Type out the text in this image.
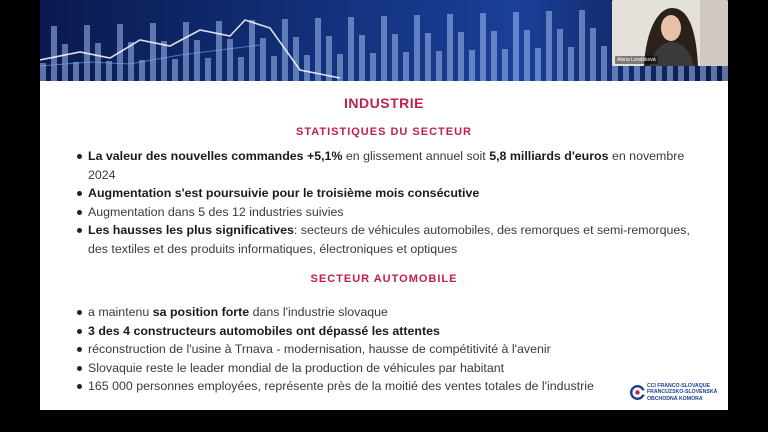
INDUSTRIE
STATISTIQUES DU SECTEUR
La valeur des nouvelles commandes +5,1% en glissement annuel soit 5,8 milliards d'euros en novembre 2024
Augmentation s'est poursuivie pour le troisième mois consécutive
Augmentation dans 5 des 12 industries suivies
Les hausses les plus significatives: secteurs de véhicules automobiles, des remorques et semi-remorques, des textiles et des produits informatiques, électroniques et optiques
SECTEUR AUTOMOBILE
a maintenu sa position forte dans l'industrie slovaque
3 des 4 constructeurs automobiles ont dépassé les attentes
réconstruction de l'usine à Trnava - modernisation, hausse de compétitivité à l'avenir
Slovaquie reste le leader mondial de la production de véhicules par habitant
165 000 personnes employées, représente près de la moitié des ventes totales de l'industrie	CCI FRANCO-SLOVAQUE
FRANCÚZSKO-SLOVENSKÁ
OBCHODNÁ KOMORA
Alena Lendáková
